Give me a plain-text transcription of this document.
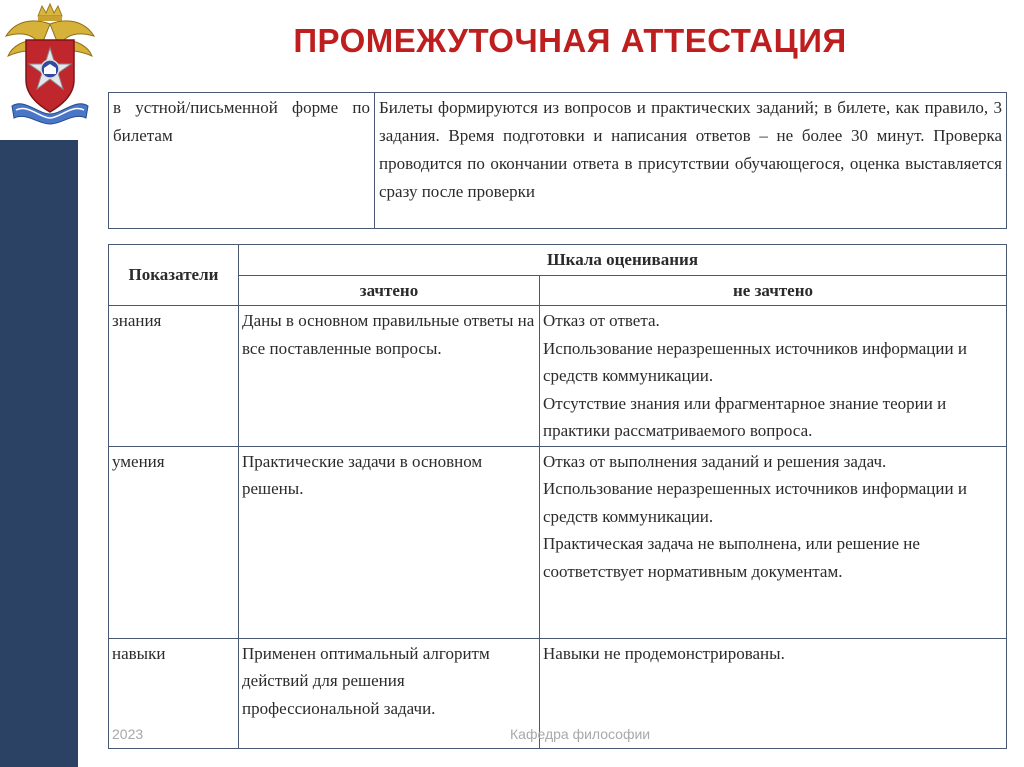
ПРОМЕЖУТОЧНАЯ АТТЕСТАЦИЯ
в устной/письменной форме по билетам	Билеты формируются из вопросов и практических заданий; в билете, как правило, 3 задания. Время подготовки и написания ответов – не более 30 минут. Проверка проводится по окончании ответа в присутствии обучающегося, оценка выставляется сразу после проверки
Показатели	Шкала оценивания	
	зачтено	не зачтено
знания	Даны в основном правильные ответы на все поставленные вопросы.	Отказ от ответа.
Использование неразрешенных источников информации и средств коммуникации.
Отсутствие знания или фрагментарное знание теории и практики рассматриваемого вопроса.

умения	Практические задачи в основном решены.	Отказ от выполнения заданий и решения задач.
Использование неразрешенных источников информации и средств коммуникации.
Практическая задача не выполнена, или решение не соответствует нормативным документам.

навыки	Применен оптимальный алгоритм действий для решения профессиональной задачи.	Навыки не продемонстрированы.
2023	Кафедра философии
